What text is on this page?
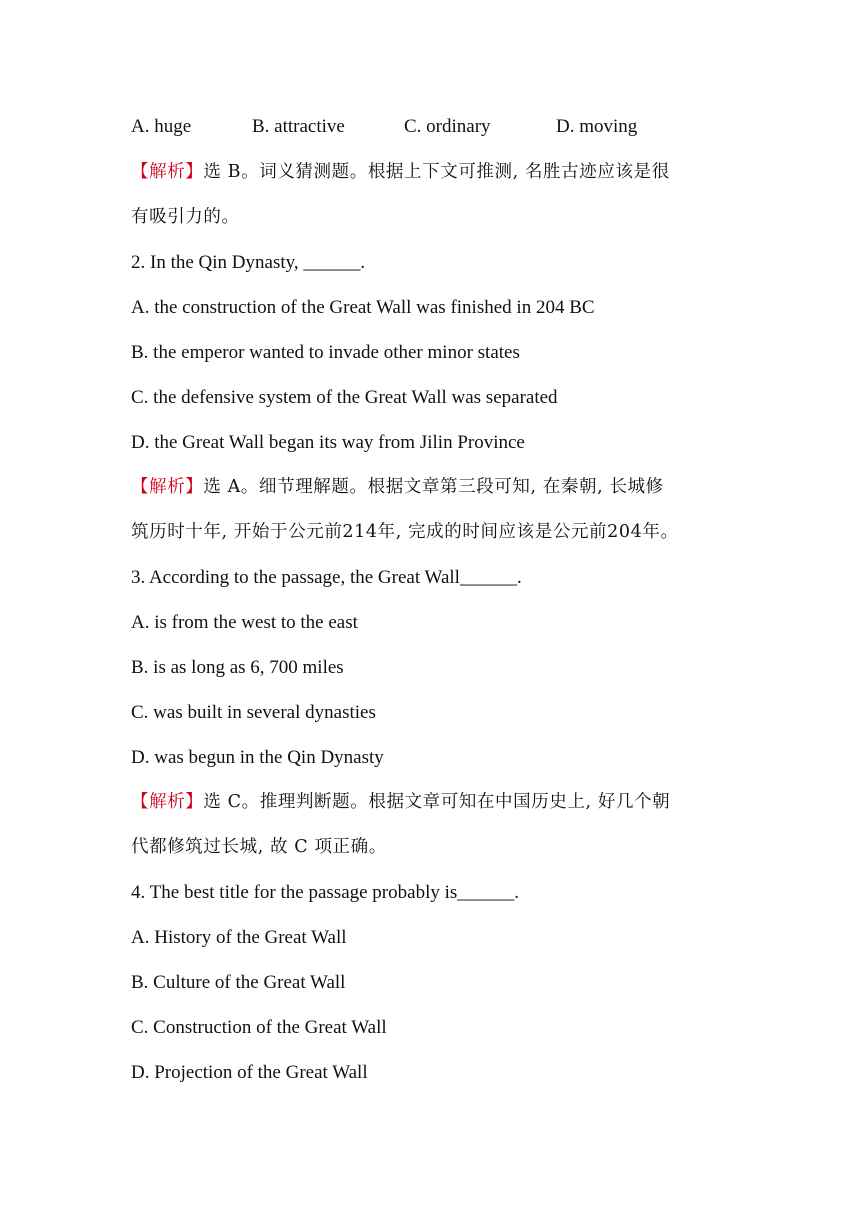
A. huge	B. attractive	C. ordinary	D. moving
【解析】选 B。词义猜测题。根据上下文可推测, 名胜古迹应该是很
有吸引力的。
2. In the Qin Dynasty, ______.
A. the construction of the Great Wall was finished in 204 BC
B. the emperor wanted to invade other minor states
C. the defensive system of the Great Wall was separated
D. the Great Wall began its way from Jilin Province
【解析】选 A。细节理解题。根据文章第三段可知, 在秦朝, 长城修
筑历时十年, 开始于公元前214年, 完成的时间应该是公元前204年。
3. According to the passage, the Great Wall______.
A. is from the west to the east
B. is as long as 6, 700 miles
C. was built in several dynasties
D. was begun in the Qin Dynasty
【解析】选 C。推理判断题。根据文章可知在中国历史上, 好几个朝
代都修筑过长城, 故 C 项正确。
4. The best title for the passage probably is______.
A. History of the Great Wall
B. Culture of the Great Wall
C. Construction of the Great Wall
D. Projection of the Great Wall
